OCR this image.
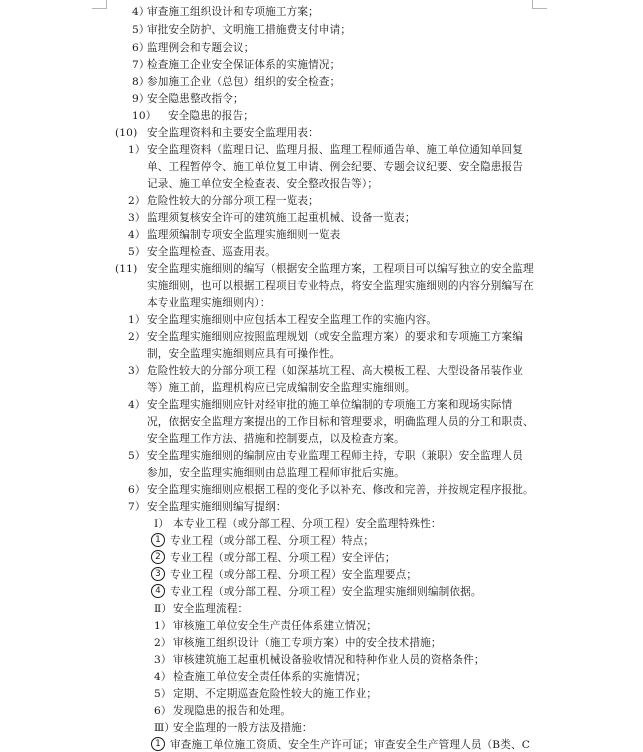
4）
审查施工组织设计和专项施工方案；
5）
审批安全防护、文明施工措施费支付申请；
6）
监理例会和专题会议；
7）
检查施工企业安全保证体系的实施情况；
8）
参加施工企业（总包）组织的安全检查；
9）
安全隐患整改指令；
10） 安全隐患的报告；
(10) 安全监理资料和主要安全监理用表：
1） 安全监理资料（监理日记、监理月报、监理工程师通告单、施工单位通知单回复
单、工程暂停令、施工单位复工申请、例会纪要、专题会议纪要、安全隐患报告
记录、施工单位安全检查表、安全整改报告等）；
2） 危险性较大的分部分项工程一览表；
3） 监理须复核安全许可的建筑施工起重机械、设备一览表；
4） 监理须编制专项安全监理实施细则一览表
5） 安全监理检查、巡查用表。
(11) 安全监理实施细则的编写（根据安全监理方案，工程项目可以编写独立的安全监理
实施细则，也可以根据工程项目专业特点，将安全监理实施细则的内容分别编写在
本专业监理实施细则内）：
1） 安全监理实施细则中应包括本工程安全监理工作的实施内容。
2） 安全监理实施细则应按照监理规划（或安全监理方案）的要求和专项施工方案编
制，安全监理实施细则应具有可操作性。
3） 危险性较大的分部分项工程（如深基坑工程、高大模板工程、大型设备吊装作业
等）施工前，监理机构应已完成编制安全监理实施细则。
4） 安全监理实施细则应针对经审批的施工单位编制的专项施工方案和现场实际情
况，依据安全监理方案提出的工作目标和管理要求，明确监理人员的分工和职责、
安全监理工作方法、措施和控制要点，以及检查方案。
5） 安全监理实施细则的编制应由专业监理工程师主持，专职（兼职）安全监理人员
参加，安全监理实施细则由总监理工程师审批后实施。
6） 安全监理实施细则应根据工程的变化予以补充、修改和完善，并按规定程序报批。
7） 安全监理实施细则编写提纲：
Ⅰ） 本专业工程（或分部工程、分项工程）安全监理特殊性：
1 专业工程（或分部工程、分项工程）特点；
2 专业工程（或分部工程、分项工程）安全评估；
3 专业工程（或分部工程、分项工程）安全监理要点；
4 专业工程（或分部工程、分项工程）安全监理实施细则编制依据。
Ⅱ） 安全监理流程：
1） 审核施工单位安全生产责任体系建立情况；
2） 审核施工组织设计（施工专项方案）中的安全技术措施；
3） 审核建筑施工起重机械设备验收情况和特种作业人员的资格条件；
4） 检查施工单位安全责任体系的实施情况；
5） 定期、不定期巡查危险性较大的施工作业；
6） 发现隐患的报告和处理。
Ⅲ）
安全监理的一般方法及措施：
1 审查施工单位施工资质、安全生产许可证；审查安全生产管理人员（B类、C
